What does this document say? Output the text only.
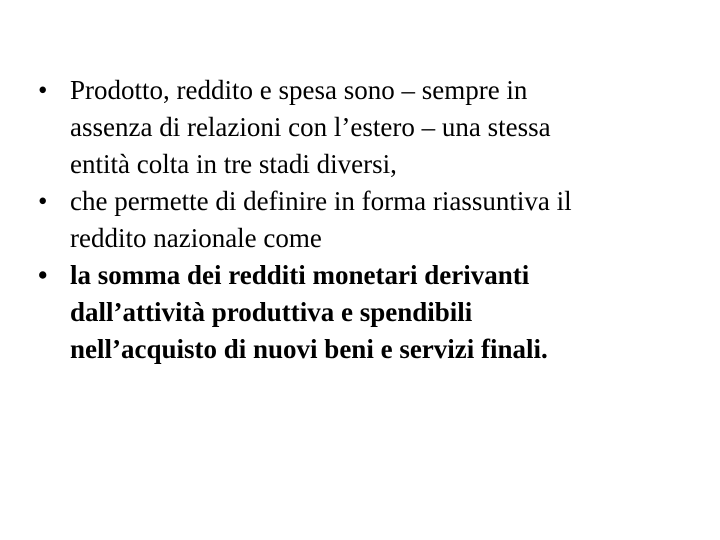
• Prodotto, reddito e spesa sono – sempre in
assenza di relazioni con l’estero – una stessa
entità colta in tre stadi diversi,
• che permette di definire in forma riassuntiva il
reddito nazionale come
• la somma dei redditi monetari derivanti
dall’attività produttiva e spendibili
nell’acquisto di nuovi beni e servizi finali.
